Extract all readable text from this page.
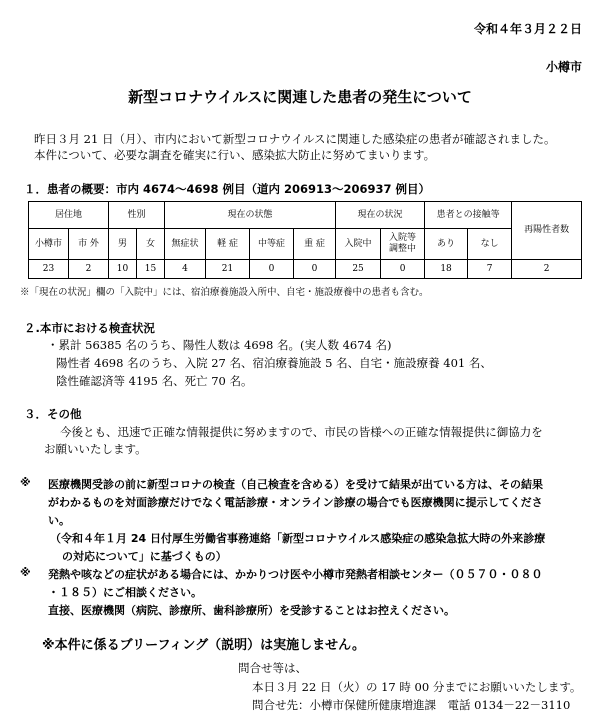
令和４年３月２２日
小樽市
新型コロナウイルスに関連した患者の発生について
昨日３月 21 日（月）、市内において新型コロナウイルスに関連した感染症の患者が確認されました。
本件について、必要な調査を確実に行い、感染拡大防止に努めてまいります。
１．患者の概要：市内 4674～4698 例目（道内 206913～206937 例目）
居住地		性別		現在の状態				現在の状況		患者との接触等		再陽性者数
小樽市	市 外	男	女	無症状	軽 症	中等症	重 症	入院中	入院等
調整中	あり	なし	
23	2	10	15	4	21	0	0	25	0	18	7	2
※「現在の状況」欄の「入院中」には、宿泊療養施設入所中、自宅・施設療養中の患者も含む。
２.本市における検査状況
・累計 56385 名のうち、陽性人数は 4698 名。(実人数 4674 名)
陽性者 4698 名のうち、入院 27 名、宿泊療養施設 5 名、自宅・施設療養 401 名、
陰性確認済等 4195 名、死亡 70 名。
３．その他
今後とも、迅速で正確な情報提供に努めますので、市民の皆様への正確な情報提供に御協力を
お願いいたします。
※ 医療機関受診の前に新型コロナの検査（自己検査を含める）を受けて結果が出ている方は、その結果
がわかるものを対面診療だけでなく電話診療・オンライン診療の場合でも医療機関に提示してくださ
い。
（令和４年１月 24 日付厚生労働省事務連絡「新型コロナウイルス感染症の感染急拡大時の外来診療
の対応について」に基づくもの）
※ 発熱や咳などの症状がある場合には、かかりつけ医や小樽市発熱者相談センター（０５７０・０８０
・１８５）にご相談ください。
直接、医療機関（病院、診療所、歯科診療所）を受診することはお控えください。
※本件に係るブリーフィング（説明）は実施しません。
問合せ等は、
本日３月 22 日（火）の 17 時 00 分までにお願いいたします。
問合せ先：小樽市保健所健康増進課　電話 0134－22－3110
